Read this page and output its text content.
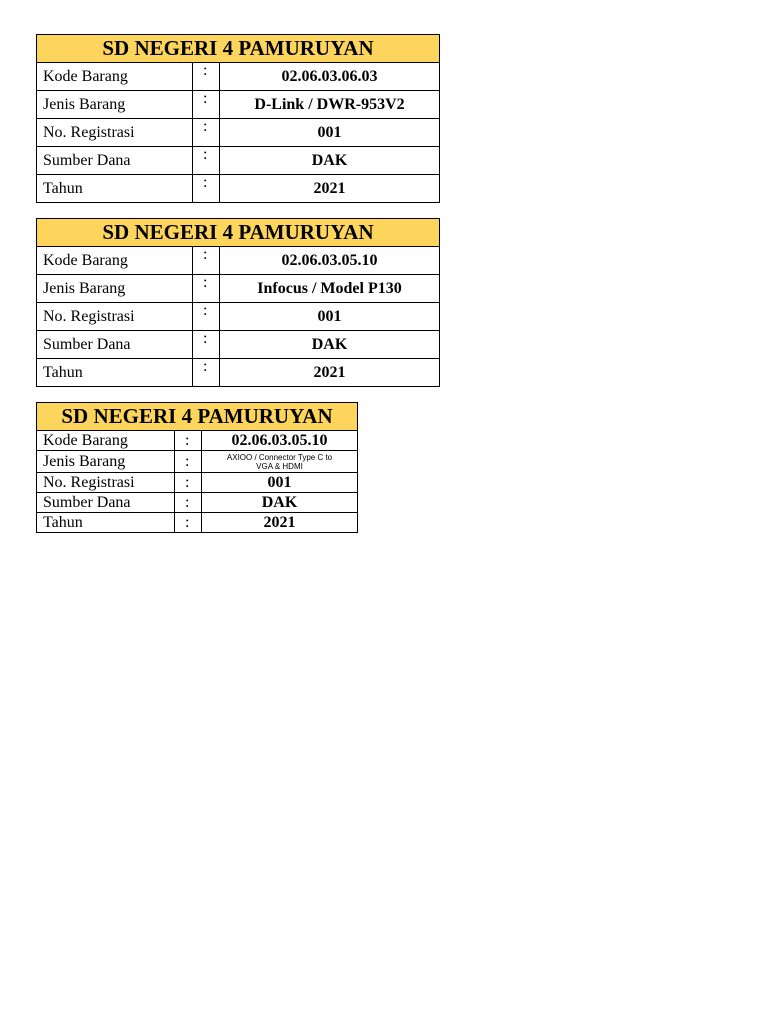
SD NEGERI 4 PAMURUYAN		
Kode Barang	:	02.06.03.06.03
Jenis Barang	:	D-Link / DWR-953V2
No. Registrasi	:	001
Sumber Dana	:	DAK
Tahun	:	2021
SD NEGERI 4 PAMURUYAN		
Kode Barang	:	02.06.03.05.10
Jenis Barang	:	Infocus / Model P130
No. Registrasi	:	001
Sumber Dana	:	DAK
Tahun	:	2021
SD NEGERI 4 PAMURUYAN		
Kode Barang	:	02.06.03.05.10
Jenis Barang	:	AXIOO / Connector Type C to
VGA & HDMI

No. Registrasi	:	001
Sumber Dana	:	DAK
Tahun	:	2021
